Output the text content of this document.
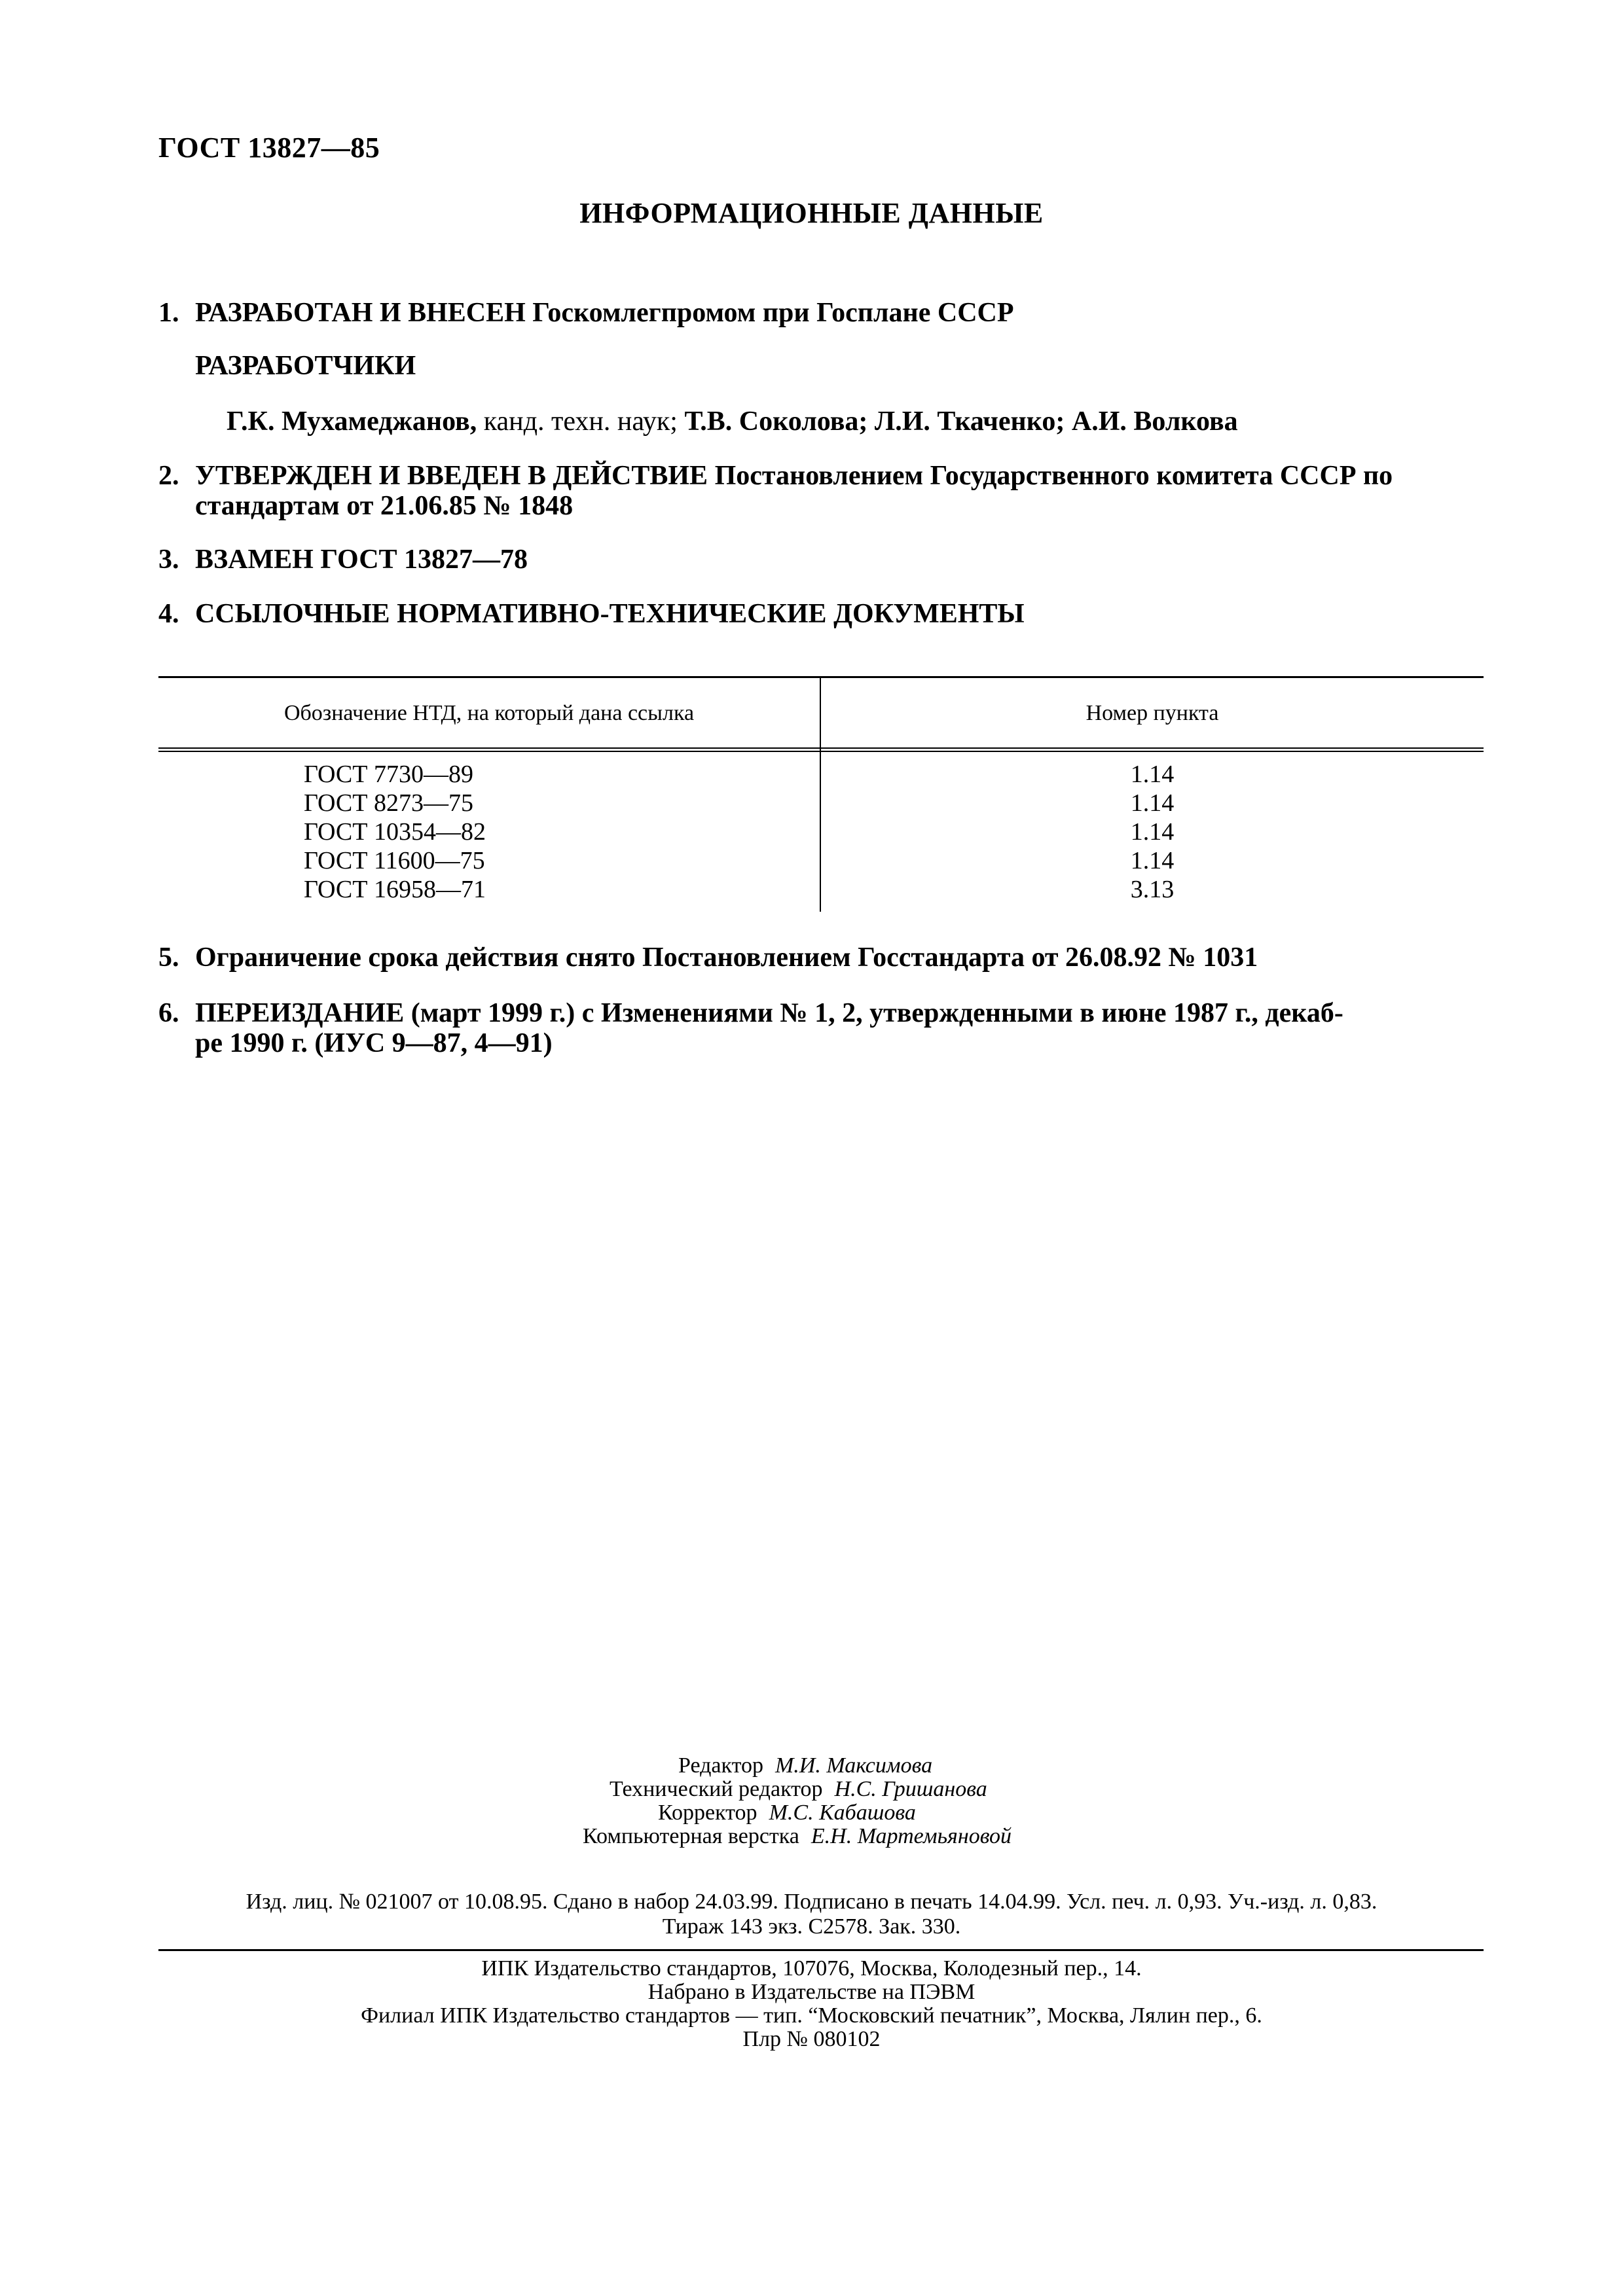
ГОСТ 13827—85
ИНФОРМАЦИОННЫЕ ДАННЫЕ
1. РАЗРАБОТАН И ВНЕСЕН Госкомлегпромом при Госплане СССР
РАЗРАБОТЧИКИ
Г.К. Мухамеджанов, канд. техн. наук; Т.В. Соколова; Л.И. Ткаченко; А.И. Волкова
2. УТВЕРЖДЕН И ВВЕДЕН В ДЕЙСТВИЕ Постановлением Государственного комитета СССР по
стандартам от 21.06.85 № 1848
3. ВЗАМЕН ГОСТ 13827—78
4. ССЫЛОЧНЫЕ НОРМАТИВНО-ТЕХНИЧЕСКИЕ ДОКУМЕНТЫ
Обозначение НТД, на который дана ссылка	Номер пункта
ГОСТ 7730—89
ГОСТ 8273—75
ГОСТ 10354—82
ГОСТ 11600—75
ГОСТ 16958—71
1.14
1.14
1.14
1.14
3.13
5. Ограничение срока действия снято Постановлением Госстандарта от 26.08.92 № 1031
6. ПЕРЕИЗДАНИЕ (март 1999 г.) с Изменениями № 1, 2, утвержденными в июне 1987 г., декаб-
ре 1990 г. (ИУС 9—87, 4—91)
Редактор М.И. Максимова
Технический редактор Н.С. Гришанова
Корректор М.С. Кабашова
Компьютерная верстка Е.Н. Мартемьяновой
Изд. лиц. № 021007 от 10.08.95. Сдано в набор 24.03.99. Подписано в печать 14.04.99. Усл. печ. л. 0,93. Уч.-изд. л. 0,83.
Тираж 143 экз. С2578. Зак. 330.
ИПК Издательство стандартов, 107076, Москва, Колодезный пер., 14.
Набрано в Издательстве на ПЭВМ
Филиал ИПК Издательство стандартов — тип. “Московский печатник”, Москва, Лялин пер., 6.
Плр № 080102
